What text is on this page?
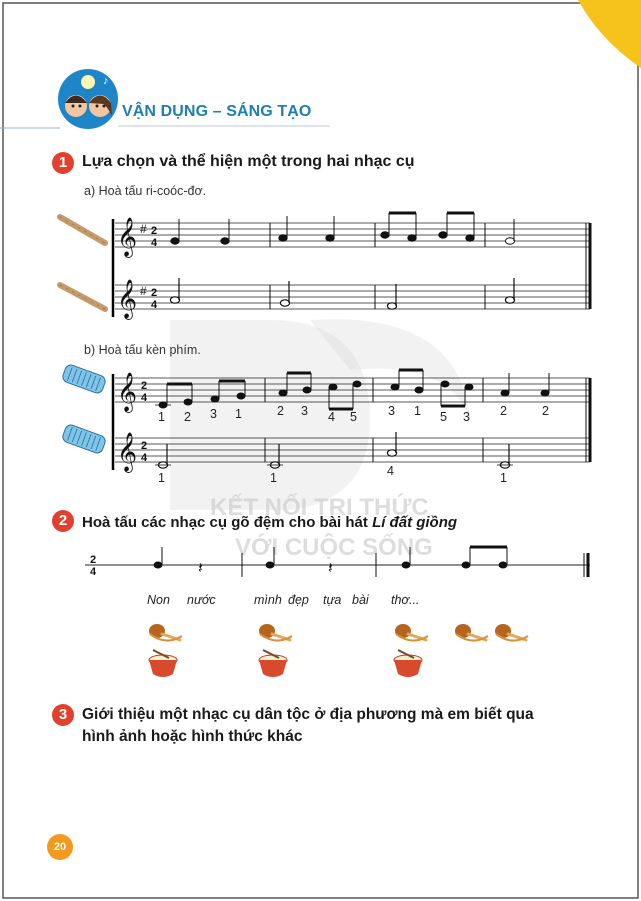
KẾT NỐI TRI THỨC
VỚI CUỘC SỐNG
♪
VẬN DỤNG – SÁNG TẠO
1 Lựa chọn và thể hiện một trong hai nhạc cụ
a) Hoà tấu ri-coóc-đơ.
𝄞
𝄞
#
#
2
4
2
4
b) Hoà tấu kèn phím.
𝄞
𝄞
2
4
2
4
1 2 3 1	2 3 4 5 3 1 5 3 2	2
1	1	4	1
2 Hoà tấu các nhạc cụ gõ đệm cho bài hát Lí đất giồng
2
4	𝄽	𝄽
Non nước	mình đẹp tựa bài thơ...
3 Giới thiệu một nhạc cụ dân tộc ở địa phương mà em biết qua
hình ảnh hoặc hình thức khác
20
